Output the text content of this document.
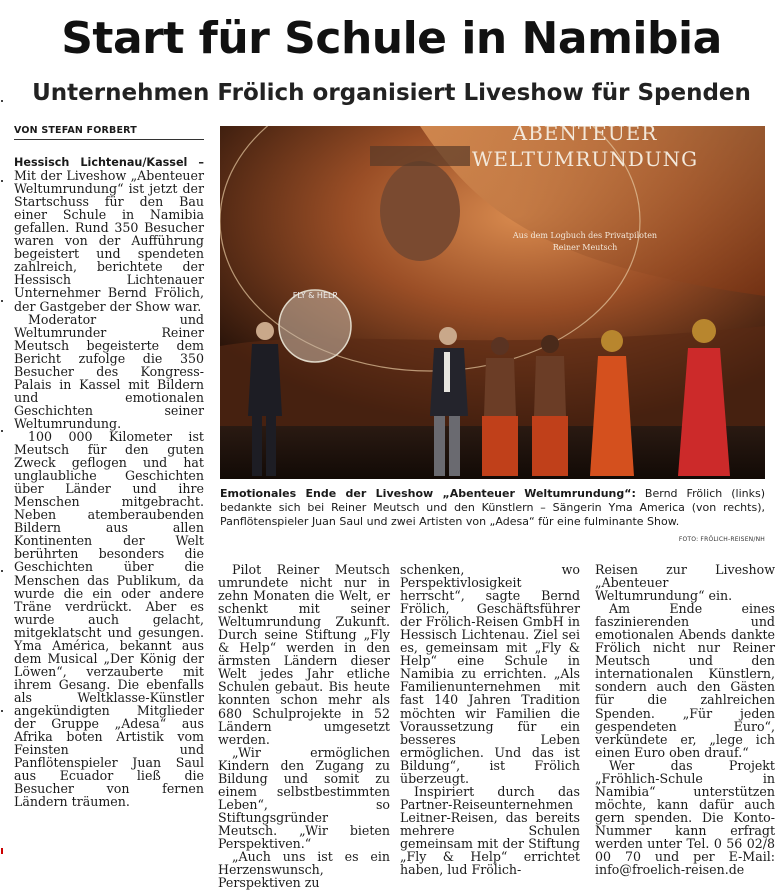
Start für Schule in Namibia
Unternehmen Frölich organisiert Liveshow für Spenden
VON STEFAN FORBERT

Hessisch Lichtenau/Kassel – Mit der Liveshow „Abenteuer Weltumrundung“ ist jetzt der Startschuss für den Bau einer Schule in Namibia gefallen. Rund 350 Besucher waren von der Aufführung begeistert und spendeten zahlreich, berichtete der Hessisch Lichtenauer Unternehmer Bernd Frölich, der Gastgeber der Show war.

Moderator und Weltumrunder Reiner Meutsch begeisterte dem Bericht zufolge die 350 Besucher des Kongress-Palais in Kassel mit Bildern und emotionalen Geschichten seiner Weltumrundung.

100 000 Kilometer ist Meutsch für den guten Zweck geflogen und hat unglaubliche Geschichten über Länder und ihre Menschen mitgebracht. Neben atemberaubenden Bildern aus allen Kontinenten der Welt berührten besonders die Geschichten über die Menschen das Publikum, da wurde die ein oder andere Träne verdrückt. Aber es wurde auch gelacht, mitgeklatscht und gesungen. Yma América, bekannt aus dem Musical „Der König der Löwen“, verzauberte mit ihrem Gesang. Die ebenfalls als Weltklasse-Künstler angekündigten Mitglieder der Gruppe „Adesa“ aus Afrika boten Artistik vom Feinsten und Panflötenspieler Juan Saul aus Ecuador ließ die Besucher von fernen Ländern träumen.

ABENTEUER
WELTUMRUNDUNG
Aus dem Logbuch des Privatpiloten
Reiner Meutsch
FLY & HELP

Emotionales Ende der Liveshow „Abenteuer Weltumrundung“: Bernd Frölich (links) bedankte sich bei Reiner Meutsch und den Künstlern – Sängerin Yma America (von rechts), Panflötenspieler Juan Saul und zwei Artisten von „Adesa“ für eine fulminante Show.

FOTO: FRÖLICH-REISEN/NH

Pilot Reiner Meutsch umrundete nicht nur in zehn Monaten die Welt, er schenkt mit seiner Weltumrundung Zukunft. Durch seine Stiftung „Fly & Help“ werden in den ärmsten Ländern dieser Welt jedes Jahr etliche Schulen gebaut. Bis heute konnten schon mehr als 680 Schulprojekte in 52 Ländern umgesetzt werden.

„Wir ermöglichen Kindern den Zugang zu Bildung und somit zu einem selbstbestimmten Leben“, so Stiftungsgründer Meutsch. „Wir bieten Perspektiven.“

„Auch uns ist es ein Herzenswunsch, Perspektiven zu

schenken, wo Perspektivlosigkeit herrscht“, sagte Bernd Frölich, Geschäftsführer der Frölich-Reisen GmbH in Hessisch Lichtenau. Ziel sei es, gemeinsam mit „Fly & Help“ eine Schule in Namibia zu errichten. „Als Familienunternehmen mit fast 140 Jahren Tradition möchten wir Familien die Voraussetzung für ein besseres Leben ermöglichen. Und das ist Bildung“, ist Frölich überzeugt.

Inspiriert durch das Partner-Reiseunternehmen Leitner-Reisen, das bereits mehrere Schulen gemeinsam mit der Stiftung „Fly & Help“ errichtet haben, lud Frölich-

Reisen zur Liveshow „Abenteuer Weltumrundung“ ein.

Am Ende eines faszinierenden und emotionalen Abends dankte Frölich nicht nur Reiner Meutsch und den internationalen Künstlern, sondern auch den Gästen für die zahlreichen Spenden. „Für jeden gespendeten Euro“, verkündete er, „lege ich einen Euro oben drauf.“

Wer das Projekt „Fröhlich-Schule in Namibia“ unterstützen möchte, kann dafür auch gern spenden. Die Konto-Nummer kann erfragt werden unter Tel. 0 56 02/8 00 70 und per E-Mail: info@froelich-reisen.de
